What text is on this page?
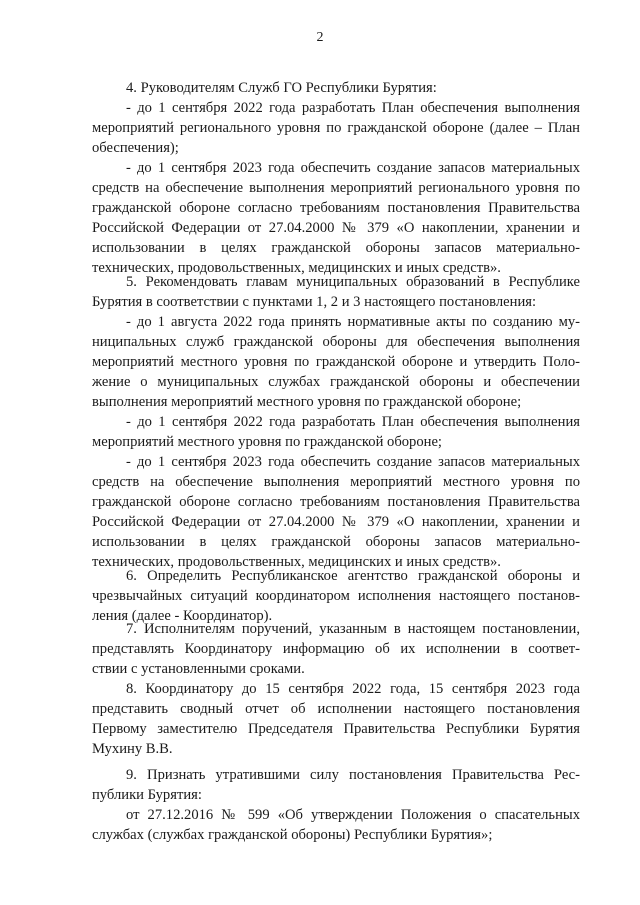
2
4. Руководителям Служб ГО Республики Бурятия:
- до 1 сентября 2022 года разработать План обеспечения выполнения
мероприятий регионального уровня по гражданской обороне (далее – План
обеспечения);
- до 1 сентября 2023 года обеспечить создание запасов материальных
средств на обеспечение выполнения мероприятий регионального уровня по
гражданской обороне согласно требованиям постановления Правительства
Российской Федерации от 27.04.2000 № 379 «О накоплении, хранении и
использовании в целях гражданской обороны запасов материально-
технических, продовольственных, медицинских и иных средств».
5. Рекомендовать главам муниципальных образований в Республике
Бурятия в соответствии с пунктами 1, 2 и 3 настоящего постановления:
- до 1 августа 2022 года принять нормативные акты по созданию му-
ниципальных служб гражданской обороны для обеспечения выполнения
мероприятий местного уровня по гражданской обороне и утвердить Поло-
жение о муниципальных службах гражданской обороны и обеспечении
выполнения мероприятий местного уровня по гражданской обороне;
- до 1 сентября 2022 года разработать План обеспечения выполнения
мероприятий местного уровня по гражданской обороне;
- до 1 сентября 2023 года обеспечить создание запасов материальных
средств на обеспечение выполнения мероприятий местного уровня по
гражданской обороне согласно требованиям постановления Правительства
Российской Федерации от 27.04.2000 № 379 «О накоплении, хранении и
использовании в целях гражданской обороны запасов материально-
технических, продовольственных, медицинских и иных средств».
6. Определить Республиканское агентство гражданской обороны и
чрезвычайных ситуаций координатором исполнения настоящего постанов-
ления (далее - Координатор).
7. Исполнителям поручений, указанным в настоящем постановлении,
представлять Координатору информацию об их исполнении в соответ-
ствии с установленными сроками.
8. Координатору до 15 сентября 2022 года, 15 сентября 2023 года
представить сводный отчет об исполнении настоящего постановления
Первому заместителю Председателя Правительства Республики Бурятия
Мухину В.В.
9. Признать утратившими силу постановления Правительства Рес-
публики Бурятия:
от 27.12.2016 № 599 «Об утверждении Положения о спасательных
службах (службах гражданской обороны) Республики Бурятия»;
